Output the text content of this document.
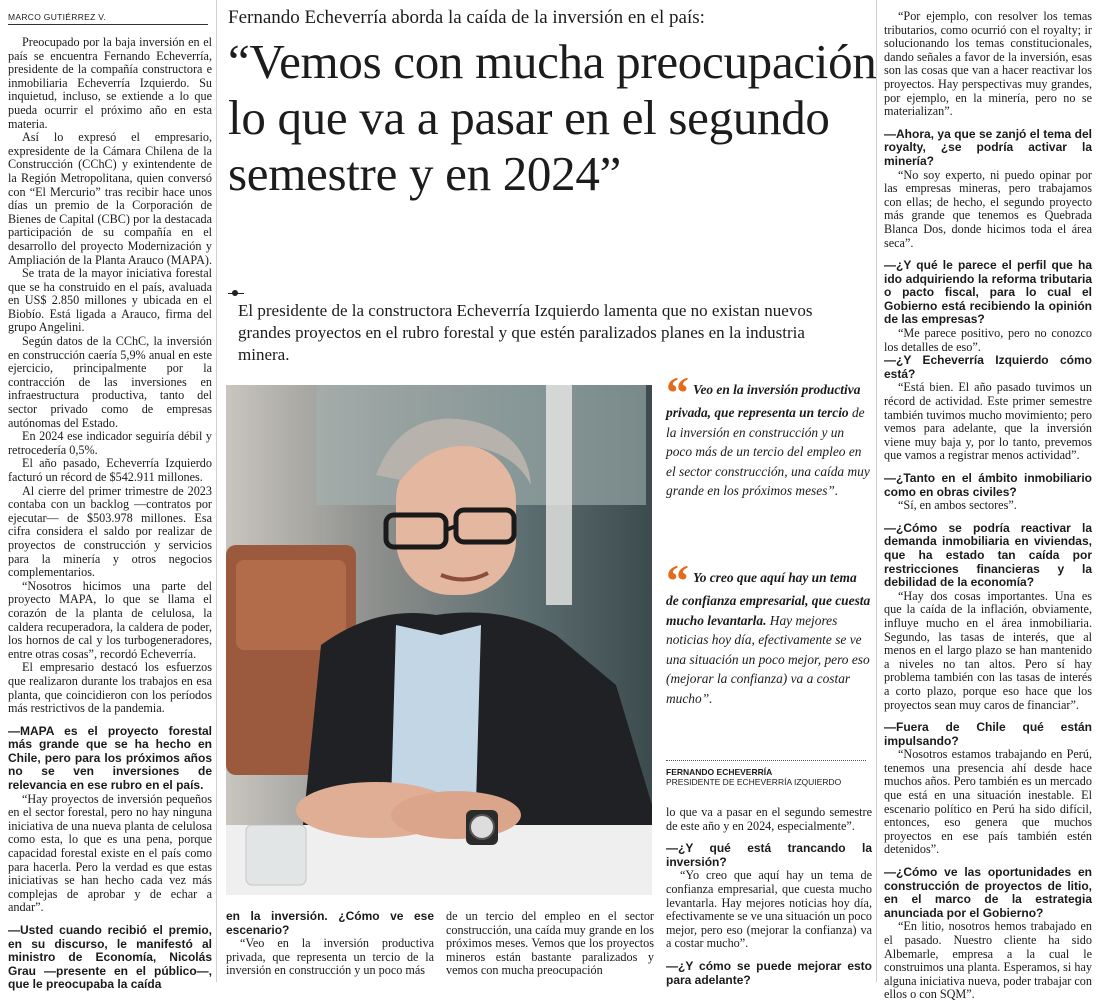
MARCO GUTIÉRREZ V.

Preocupado por la baja inversión en el país se encuentra Fernando Echeverría, presidente de la compañía constructora e inmobiliaria Echeverría Izquierdo. Su inquietud, incluso, se extiende a lo que pueda ocurrir el próximo año en esta materia.

Así lo expresó el empresario, expresidente de la Cámara Chilena de la Construcción (CChC) y exintendente de la Región Metropolitana, quien conversó con “El Mercurio” tras recibir hace unos días un premio de la Corporación de Bienes de Capital (CBC) por la destacada participación de su compañía en el desarrollo del proyecto Modernización y Ampliación de la Planta Arauco (MAPA).

Se trata de la mayor iniciativa forestal que se ha construido en el país, avaluada en US$ 2.850 millones y ubicada en el Biobío. Está ligada a Arauco, firma del grupo Angelini.

Según datos de la CChC, la inversión en construcción caería 5,9% anual en este ejercicio, principalmente por la contracción de las inversiones en infraestructura productiva, tanto del sector privado como de empresas autónomas del Estado.

En 2024 ese indicador seguiría débil y retrocedería 0,5%.

El año pasado, Echeverría Izquierdo facturó un récord de $542.911 millones.

Al cierre del primer trimestre de 2023 contaba con un backlog —contratos por ejecutar— de $503.978 millones. Esa cifra considera el saldo por realizar de proyectos de construcción y servicios para la minería y otros negocios complementarios.

“Nosotros hicimos una parte del proyecto MAPA, lo que se llama el corazón de la planta de celulosa, la caldera recuperadora, la caldera de poder, los hornos de cal y los turbogeneradores, entre otras cosas”, recordó Echeverría.

El empresario destacó los esfuerzos que realizaron durante los trabajos en esa planta, que coincidieron con los períodos más restrictivos de la pandemia.

—MAPA es el proyecto forestal más grande que se ha hecho en Chile, pero para los próximos años no se ven inversiones de relevancia en ese rubro en el país.

“Hay proyectos de inversión pequeños en el sector forestal, pero no hay ninguna iniciativa de una nueva planta de celulosa como esta, lo que es una pena, porque capacidad forestal existe en el país como para hacerla. Pero la verdad es que estas iniciativas se han hecho cada vez más complejas de aprobar y de echar a andar”.

—Usted cuando recibió el premio, en su discurso, le manifestó al ministro de Economía, Nicolás Grau —presente en el público—, que le preocupaba la caída

Fernando Echeverría aborda la caída de la inversión en el país:
“Vemos con mucha preocupación lo que va a pasar en el segundo semestre y en 2024”
El presidente de la constructora Echeverría Izquierdo lamenta que no existan nuevos grandes proyectos en el rubro forestal y que estén paralizados planes en la industria minera.
“ Veo en la inversión productiva privada, que representa un tercio de la inversión en construcción y un poco más de un tercio del empleo en el sector construcción, una caída muy grande en los próximos meses”.
“ Yo creo que aquí hay un tema de confianza empresarial, que cuesta mucho levantarla. Hay mejores noticias hoy día, efectivamente se ve una situación un poco mejor, pero eso (mejorar la confianza) va a costar mucho”.
FERNANDO ECHEVERRÍA
PRESIDENTE DE ECHEVERRÍA IZQUIERDO

en la inversión. ¿Cómo ve ese escenario?

“Veo en la inversión productiva privada, que representa un tercio de la inversión en construcción y un poco más

de un tercio del empleo en el sector construcción, una caída muy grande en los próximos meses. Vemos que los proyectos mineros están bastante paralizados y vemos con mucha preocupación

lo que va a pasar en el segundo semestre de este año y en 2024, especialmente”.

—¿Y qué está trancando la inversión?

“Yo creo que aquí hay un tema de confianza empresarial, que cuesta mucho levantarla. Hay mejores noticias hoy día, efectivamente se ve una situación un poco mejor, pero eso (mejorar la confianza) va a costar mucho”.

—¿Y cómo se puede mejorar esto para adelante?

“Por ejemplo, con resolver los temas tributarios, como ocurrió con el royalty; ir solucionando los temas constitucionales, dando señales a favor de la inversión, esas son las cosas que van a hacer reactivar los proyectos. Hay perspectivas muy grandes, por ejemplo, en la minería, pero no se materializan”.

—Ahora, ya que se zanjó el tema del royalty, ¿se podría activar la minería?

“No soy experto, ni puedo opinar por las empresas mineras, pero trabajamos con ellas; de hecho, el segundo proyecto más grande que tenemos es Quebrada Blanca Dos, donde hicimos toda el área seca”.

—¿Y qué le parece el perfil que ha ido adquiriendo la reforma tributaria o pacto fiscal, para lo cual el Gobierno está recibiendo la opinión de las empresas?

“Me parece positivo, pero no conozco los detalles de eso”.

—¿Y Echeverría Izquierdo cómo está?

“Está bien. El año pasado tuvimos un récord de actividad. Este primer semestre también tuvimos mucho movimiento; pero vemos para adelante, que la inversión viene muy baja y, por lo tanto, prevemos que vamos a registrar menos actividad”.

—¿Tanto en el ámbito inmobiliario como en obras civiles?

“Sí, en ambos sectores”.

—¿Cómo se podría reactivar la demanda inmobiliaria en viviendas, que ha estado tan caída por restricciones financieras y la debilidad de la economía?

“Hay dos cosas importantes. Una es que la caída de la inflación, obviamente, influye mucho en el área inmobiliaria. Segundo, las tasas de interés, que al menos en el largo plazo se han mantenido a niveles no tan altos. Pero sí hay problema también con las tasas de interés a corto plazo, porque eso hace que los proyectos sean muy caros de financiar”.

—Fuera de Chile qué están impulsando?

“Nosotros estamos trabajando en Perú, tenemos una presencia ahí desde hace muchos años. Pero también es un mercado que está en una situación inestable. El escenario político en Perú ha sido difícil, entonces, eso genera que muchos proyectos en ese país también estén detenidos”.

—¿Cómo ve las oportunidades en construcción de proyectos de litio, en el marco de la estrategia anunciada por el Gobierno?

“En litio, nosotros hemos trabajado en el pasado. Nuestro cliente ha sido Albemarle, empresa a la cual le construimos una planta. Esperamos, si hay alguna iniciativa nueva, poder trabajar con ellos o con SQM”.
